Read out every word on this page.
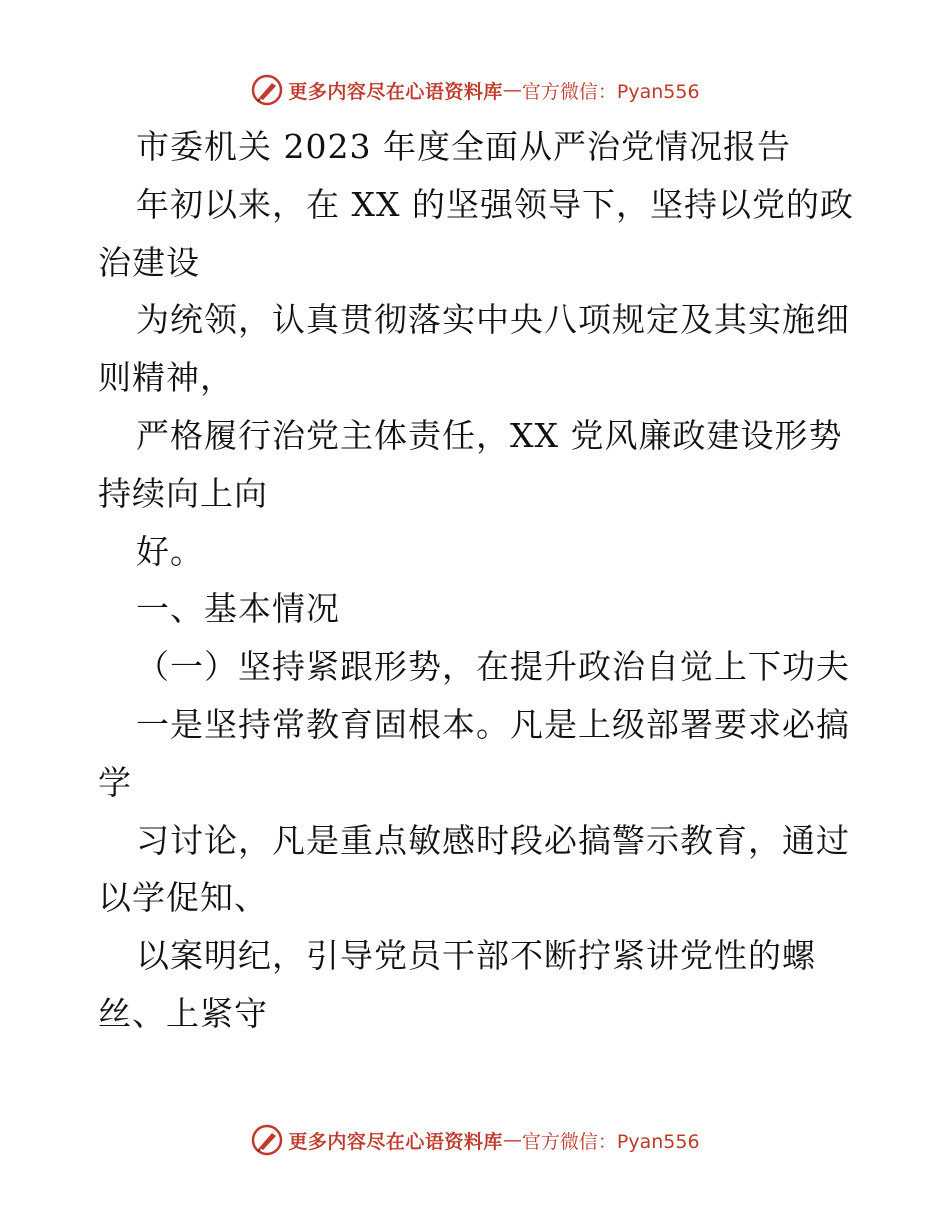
更多内容尽在心语资料库 — 官方微信：Pyan556
市委机关 2023 年度全面从严治党情况报告
年初以来，在 XX 的坚强领导下，坚持以党的政
治建设
为统领，认真贯彻落实中央八项规定及其实施细
则精神，
严格履行治党主体责任，XX 党风廉政建设形势
持续向上向
好。
一、基本情况
（一）坚持紧跟形势，在提升政治自觉上下功夫
一是坚持常教育固根本。凡是上级部署要求必搞
学
习讨论，凡是重点敏感时段必搞警示教育，通过
以学促知、
以案明纪，引导党员干部不断拧紧讲党性的螺
丝、上紧守
更多内容尽在心语资料库 — 官方微信：Pyan556
